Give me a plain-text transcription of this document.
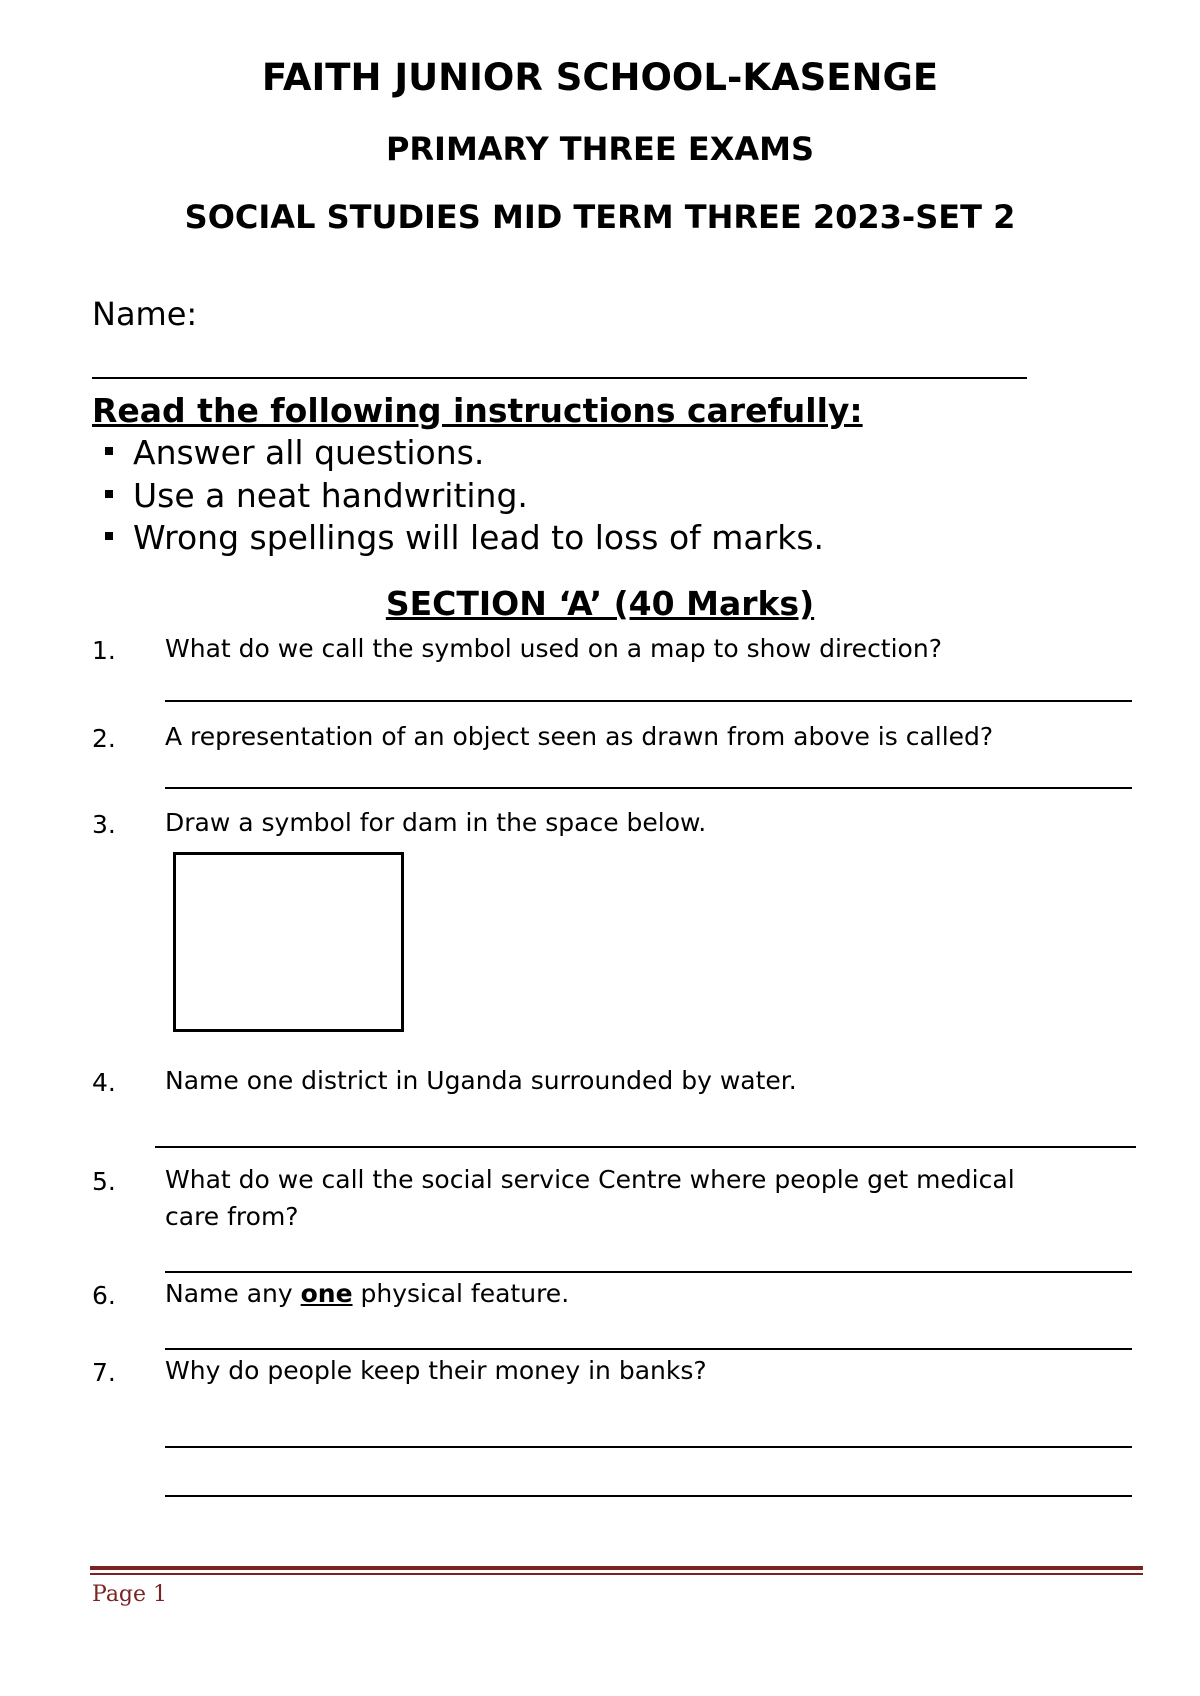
FAITH JUNIOR SCHOOL-KASENGE
PRIMARY THREE EXAMS
SOCIAL STUDIES MID TERM THREE 2023-SET 2
Name:
Read the following instructions carefully:
Answer all questions.
Use a neat handwriting.
Wrong spellings will lead to loss of marks.
SECTION ‘A’ (40 Marks)
1. What do we call the symbol used on a map to show direction?
2. A representation of an object seen as drawn from above is called?
3. Draw a symbol for dam in the space below.
4. Name one district in Uganda surrounded by water.
5. What do we call the social service Centre where people get medical
care from?
6. Name any one physical feature.
7. Why do people keep their money in banks?
Page 1
